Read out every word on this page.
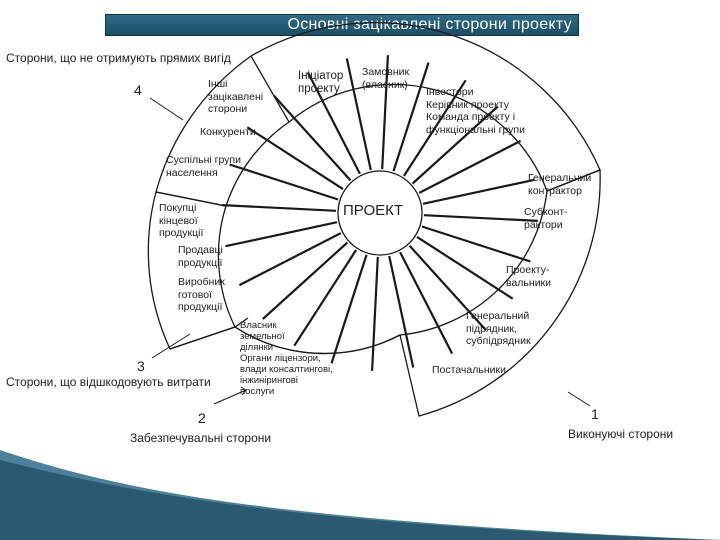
Основні зацікавлені сторони проекту
Сторони, що не отримують прямих вигід
Сторони, що відшкодовують витрати
Забезпечувальні сторони	Виконуючі сторони
4
3
2	1
ПРОЕКТ
Ініціатор
проекту
Замовник
(власник)
Інвестори
Керівник проекту
Команда проекту і
функціональні групи
Генеральний
контрактор
Субконт-
рактори
Проекту-
вальники
Генеральний
підрядник,
субпідрядник
Постачальники
Власник
земельної
ділянки
Органи ліцензори,
влади консалтингові,
інжинірингові
послуги
Виробник
готової
продукції
Продавці
продукції
Покупці
кінцевої
продукції
Суспільні групи
населення
Конкуренти
Інші
зацікавлені
сторони
